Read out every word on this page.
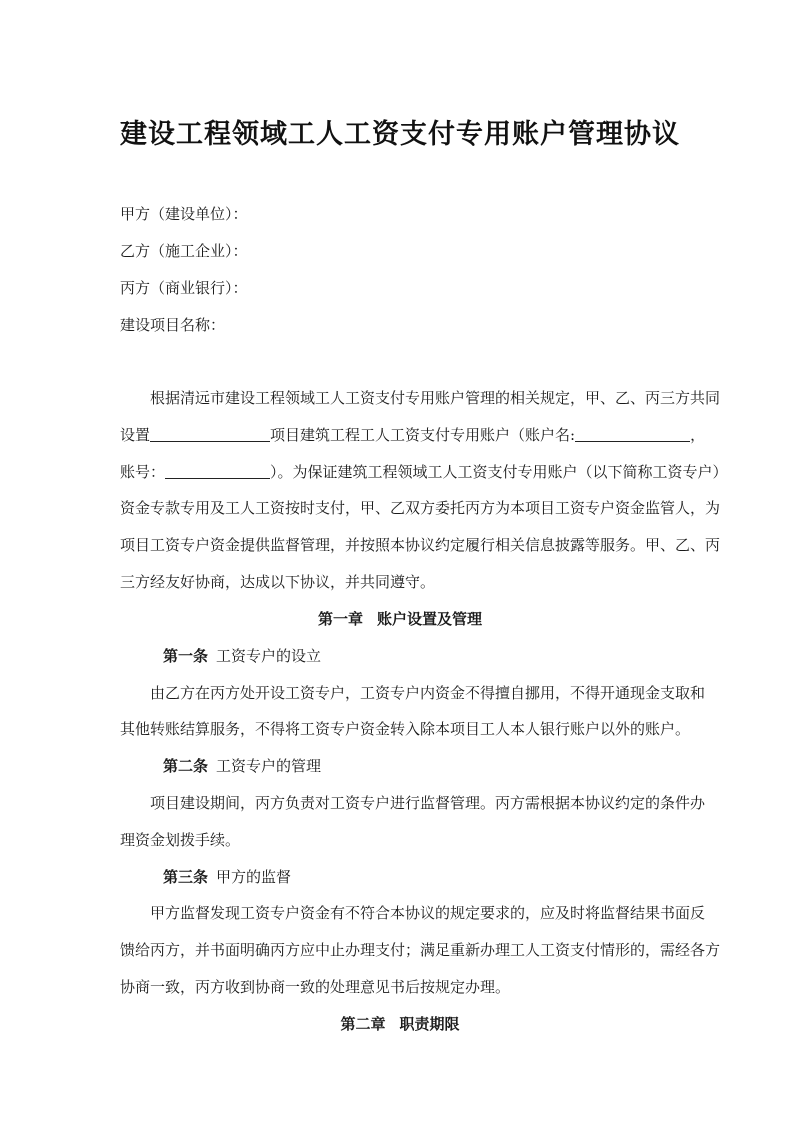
建设工程领域工人工资支付专用账户管理协议
甲方（建设单位）：
乙方（施工企业）：
丙方（商业银行）：
建设项目名称：
根据清远市建设工程领域工人工资支付专用账户管理的相关规定，甲、乙、丙三方共同
设置	项目建筑工程工人工资支付专用账户（账户名:	，
账号：	）。为保证建筑工程领域工人工资支付专用账户（以下简称工资专户）
资金专款专用及工人工资按时支付，甲、乙双方委托丙方为本项目工资专户资金监管人，为
项目工资专户资金提供监督管理，并按照本协议约定履行相关信息披露等服务。甲、乙、丙
三方经友好协商，达成以下协议，并共同遵守。
第一章 账户设置及管理
第一条 工资专户的设立
由乙方在丙方处开设工资专户，工资专户内资金不得擅自挪用，不得开通现金支取和
其他转账结算服务，不得将工资专户资金转入除本项目工人本人银行账户以外的账户。
第二条 工资专户的管理
项目建设期间，丙方负责对工资专户进行监督管理。丙方需根据本协议约定的条件办
理资金划拨手续。
第三条 甲方的监督
甲方监督发现工资专户资金有不符合本协议的规定要求的，应及时将监督结果书面反
馈给丙方，并书面明确丙方应中止办理支付；满足重新办理工人工资支付情形的，需经各方
协商一致，丙方收到协商一致的处理意见书后按规定办理。
第二章 职责期限
